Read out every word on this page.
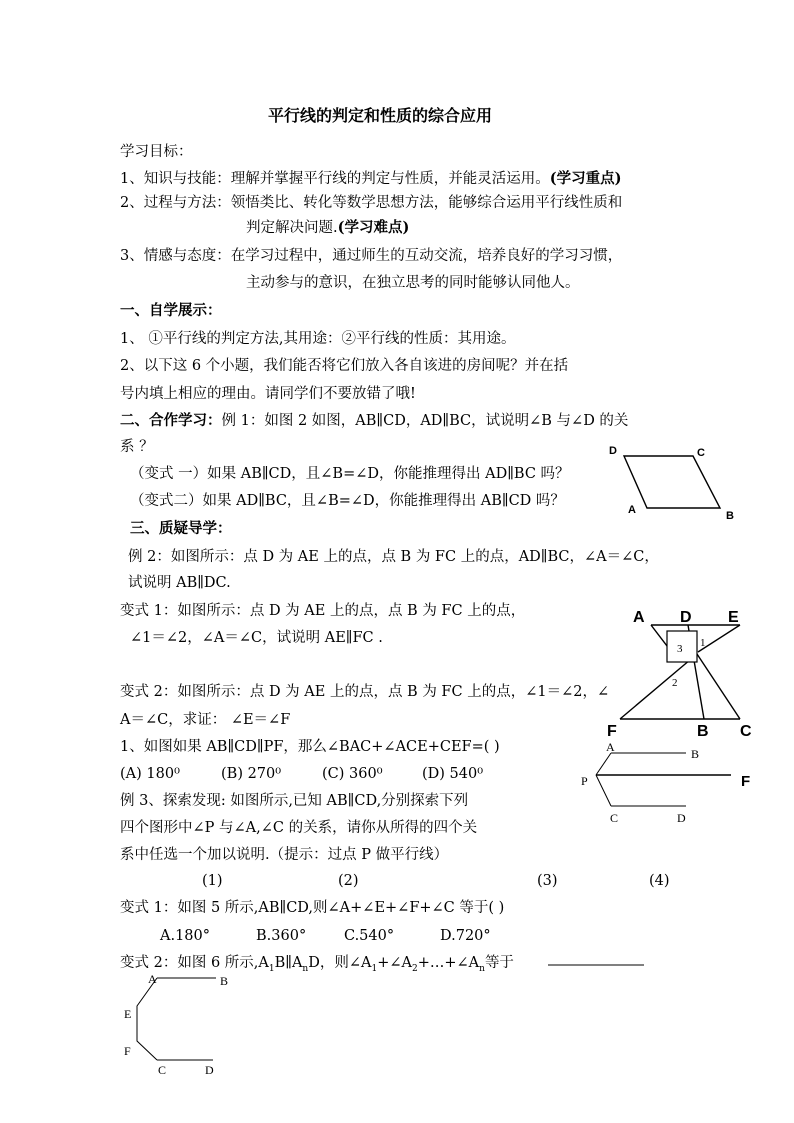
平行线的判定和性质的综合应用
学习目标：
1、知识与技能：理解并掌握平行线的判定与性质，并能灵活运用。(学习重点)
2、过程与方法：领悟类比、转化等数学思想方法，能够综合运用平行线性质和
判定解决问题.(学习难点)
3、情感与态度：在学习过程中，通过师生的互动交流，培养良好的学习习惯，
主动参与的意识，在独立思考的同时能够认同他人。
一、自学展示：
1、 ①平行线的判定方法,其用途：②平行线的性质：其用途。
2、以下这 6 个小题，我们能否将它们放入各自该进的房间呢？并在括
号内填上相应的理由。请同学们不要放错了哦!
二、合作学习：例 1：如图 2 如图，AB∥CD，AD∥BC，试说明∠B 与∠D 的关
系 ？
（变式 一）如果 AB∥CD，且∠B=∠D，你能推理得出 AD∥BC 吗？
（变式二）如果 AD∥BC，且∠B=∠D，你能推理得出 AB∥CD 吗？
三、质疑导学：
例 2：如图所示：点 D 为 AE 上的点，点 B 为 FC 上的点，AD∥BC，∠A＝∠C，
试说明 AB∥DC.
变式 1：如图所示：点 D 为 AE 上的点，点 B 为 FC 上的点，
∠1＝∠2，∠A＝∠C，试说明 AE∥FC .
变式 2：如图所示：点 D 为 AE 上的点，点 B 为 FC 上的点，∠1＝∠2，∠
A＝∠C，求证： ∠E＝∠F
1、如图如果 AB∥CD∥PF，那么∠BAC+∠ACE+CEF=( )
(A) 180⁰	(B) 270⁰	(C) 360⁰	(D) 540⁰
例 3、探索发现: 如图所示,已知 AB∥CD,分别探索下列
四个图形中∠P 与∠A,∠C 的关系，请你从所得的四个关
系中任选一个加以说明.（提示：过点 P 做平行线）
(1)	(2)	(3)	(4)
变式 1：如图 5 所示,AB∥CD,则∠A+∠E+∠F+∠C 等于( )
A.180°	B.360°	C.540°	D.720°
变式 2：如图 6 所示$,A_1B\parallel A_nD$，则$\angle A_1+\angle A_2+\dots+\angle A_n$等于
D	C
A	B
3 1
2
A D E
F	B C
A	B
P	F
C	D
A	B
E
F
C	D
